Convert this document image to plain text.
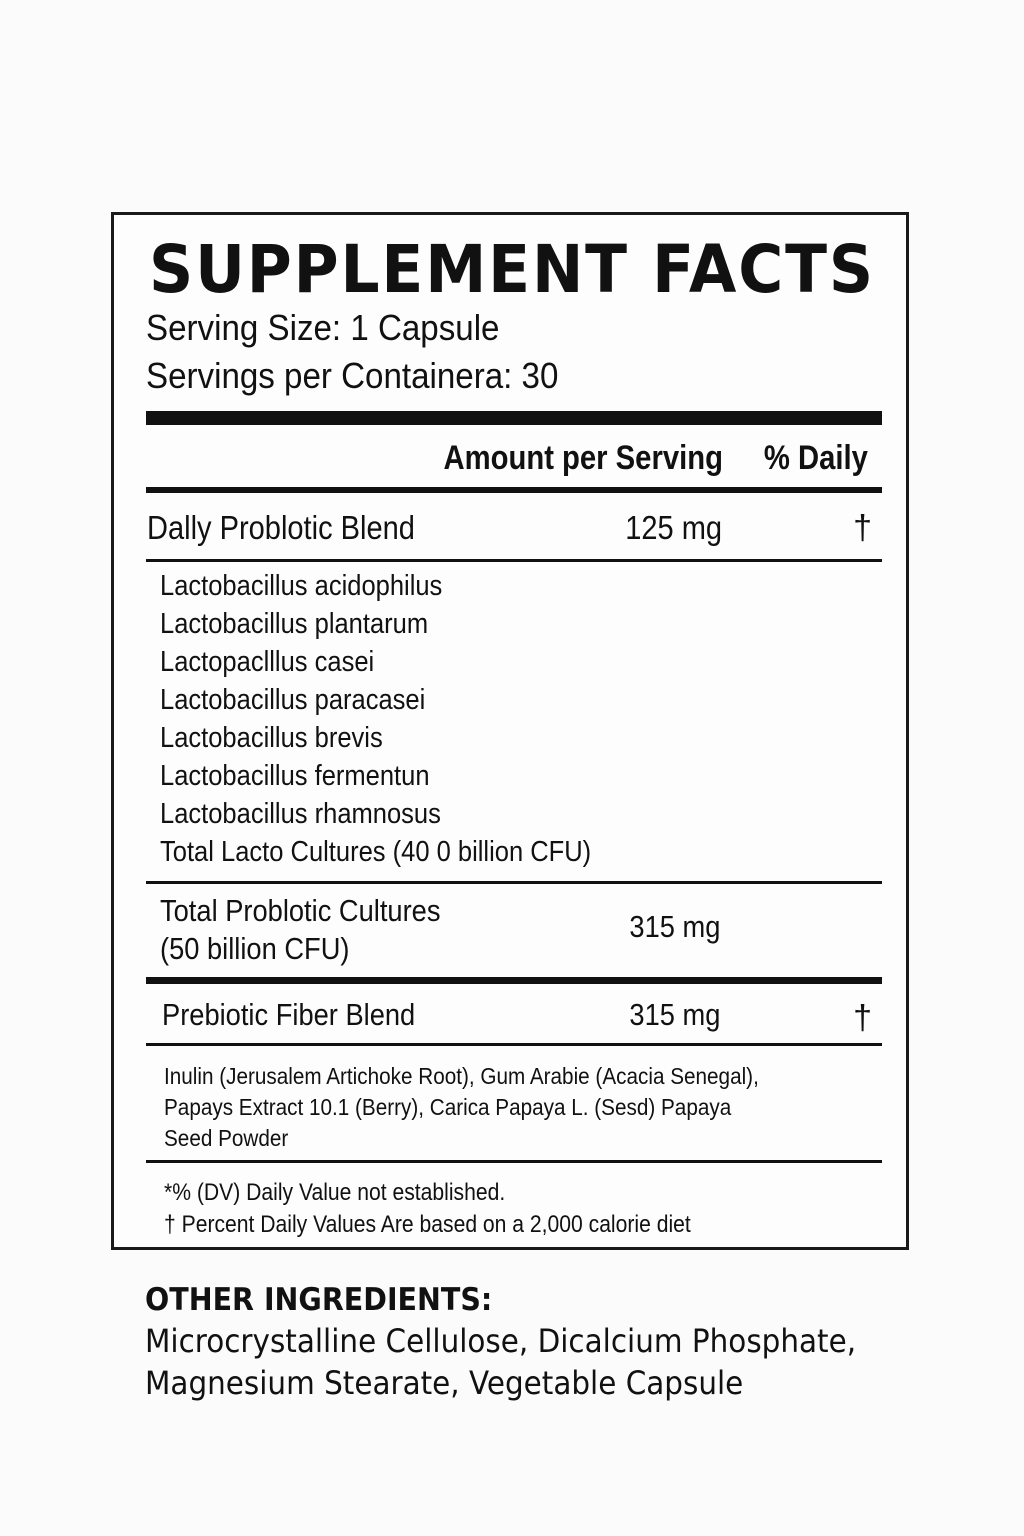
SUPPLEMENT FACTS
Serving Size: 1 Capsule
Servings per Containera: 30
Amount per Serving % Daily
Dally Problotic Blend	125 mg	†
Lactobacillus acidophilus
Lactobacillus plantarum
Lactoрaclllus casei
Lactobacillus paracasei
Lactobacillus brevis
Lactobacillus fermentun
Lactobacillus rhamnosus
Total Lacto Cultures (40 0 billion CFU)
Total Problotic Cultures
(50 billion CFU)
315 mg
Prebiotic Fiber Blend	315 mg	†
Inulin (Jerusalem Artichoke Root), Gum Arabie (Acacia Senegal),
Papays Extract 10.1 (Berry), Carica Papaya L. (Sesd) Papaya
Seed Powder
*% (DV) Daily Value not established.
† Percent Daily Values Are based on a 2,000 calorie diet
OTHER INGREDIENTS:
Microcrystalline Cellulose, Dicalcium Phosphate,
Magnesium Stearate, Vegetable Capsule
